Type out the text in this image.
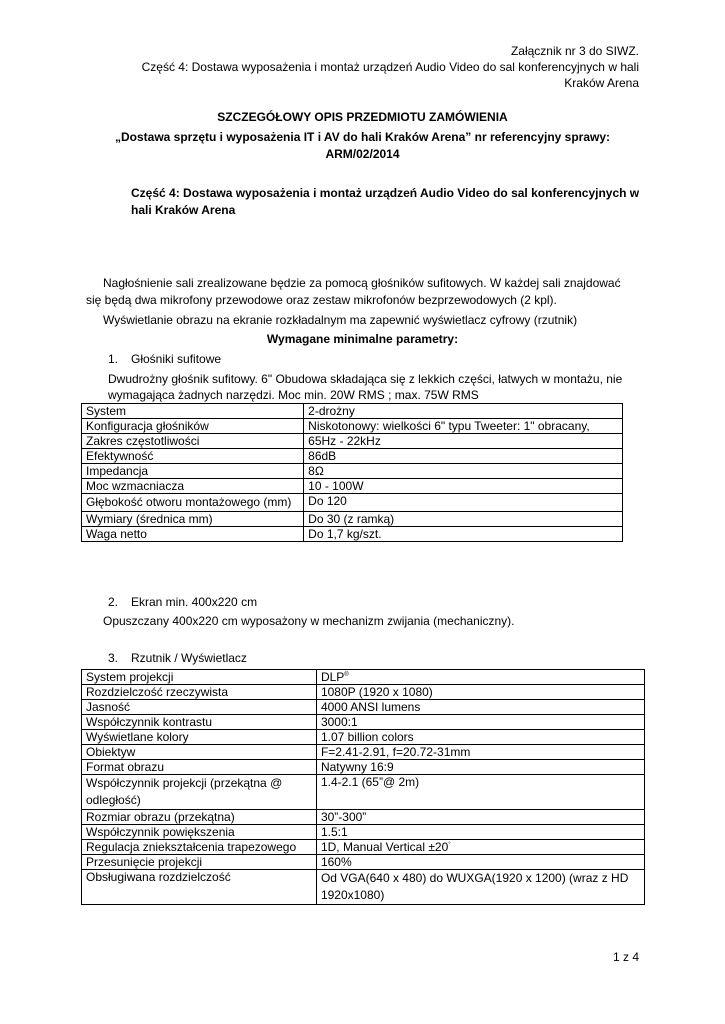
Załącznik nr 3 do SIWZ.
Część 4: Dostawa wyposażenia i montaż urządzeń Audio Video do sal konferencyjnych w hali
Kraków Arena
SZCZEGÓŁOWY OPIS PRZEDMIOTU ZAMÓWIENIA
„Dostawa sprzętu i wyposażenia IT i AV do hali Kraków Arena” nr referencyjny sprawy:
ARM/02/2014
Część 4: Dostawa wyposażenia i montaż urządzeń Audio Video do sal konferencyjnych w
hali Kraków Arena
Nagłośnienie sali zrealizowane będzie za pomocą głośników sufitowych. W każdej sali znajdować
się będą dwa mikrofony przewodowe oraz zestaw mikrofonów bezprzewodowych (2 kpl).
Wyświetlanie obrazu na ekranie rozkładalnym ma zapewnić wyświetlacz cyfrowy (rzutnik)
Wymagane minimalne parametry:
1. Głośniki sufitowe
Dwudrożny głośnik sufitowy. 6" Obudowa składająca się z lekkich części, łatwych w montażu, nie
wymagająca żadnych narzędzi. Moc min. 20W RMS ; max. 75W RMS
System	2-drożny
Konfiguracja głośników	Niskotonowy: wielkości 6" typu Tweeter: 1" obracany,
Zakres częstotliwości	65Hz - 22kHz
Efektywność	86dB
Impedancja	8Ω
Moc wzmacniacza	10 - 100W
Głębokość otworu montażowego (mm)	Do 120
Wymiary (średnica mm)	Do 30 (z ramką)
Waga netto	Do 1,7 kg/szt.
2. Ekran min. 400x220 cm
Opuszczany 400x220 cm wyposażony w mechanizm zwijania (mechaniczny).
3. Rzutnik / Wyświetlacz
System projekcji	DLP®
Rozdzielczość rzeczywista	1080P (1920 x 1080)
Jasność	4000 ANSI lumens
Współczynnik kontrastu	3000:1
Wyświetlane kolory	1.07 billion colors
Obiektyw	F=2.41-2.91, f=20.72-31mm
Format obrazu	Natywny 16:9
Współczynnik projekcji (przekątna @ odległość)	1.4-2.1 (65”@ 2m)
Rozmiar obrazu (przekątna)	30”-300”
Współczynnik powiększenia	1.5:1
Regulacja zniekształcenia trapezowego	1D, Manual Vertical ±20°
Przesunięcie projekcji	160%
Obsługiwana rozdzielczość	Od VGA(640 x 480) do WUXGA(1920 x 1200) (wraz z HD 1920x1080)
1 z 4
